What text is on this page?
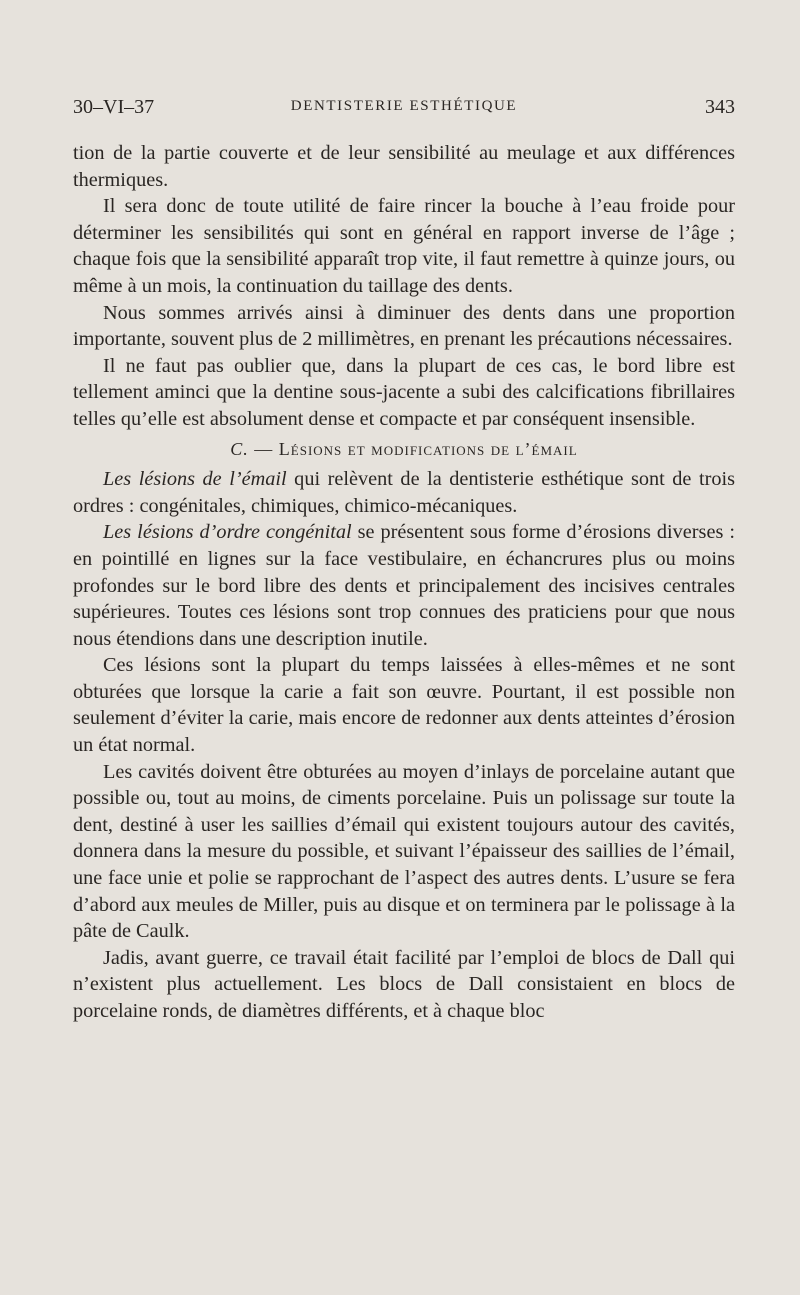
30–VI–37	DENTISTERIE ESTHÉTIQUE	343

tion de la partie couverte et de leur sensibilité au meulage et aux différences thermiques.

Il sera donc de toute utilité de faire rincer la bouche à l’eau froide pour déterminer les sensibilités qui sont en général en rapport inverse de l’âge ; chaque fois que la sensibilité apparaît trop vite, il faut remettre à quinze jours, ou même à un mois, la continuation du taillage des dents.

Nous sommes arrivés ainsi à diminuer des dents dans une proportion importante, souvent plus de 2 millimètres, en prenant les précautions nécessaires.

Il ne faut pas oublier que, dans la plupart de ces cas, le bord libre est tellement aminci que la dentine sous-jacente a subi des calcifications fibrillaires telles qu’elle est absolument dense et compacte et par conséquent insensible.

C. — Lésions et modifications de l’émail

Les lésions de l’émail qui relèvent de la dentisterie esthétique sont de trois ordres : congénitales, chimiques, chimico-mécaniques.

Les lésions d’ordre congénital se présentent sous forme d’érosions diverses : en pointillé en lignes sur la face vestibulaire, en échancrures plus ou moins profondes sur le bord libre des dents et principalement des incisives centrales supérieures. Toutes ces lésions sont trop connues des praticiens pour que nous nous étendions dans une description inutile.

Ces lésions sont la plupart du temps laissées à elles-mêmes et ne sont obturées que lorsque la carie a fait son œuvre. Pourtant, il est possible non seulement d’éviter la carie, mais encore de redonner aux dents atteintes d’érosion un état normal.

Les cavités doivent être obturées au moyen d’inlays de porcelaine autant que possible ou, tout au moins, de ciments porcelaine. Puis un polissage sur toute la dent, destiné à user les saillies d’émail qui existent toujours autour des cavités, donnera dans la mesure du possible, et suivant l’épaisseur des saillies de l’émail, une face unie et polie se rapprochant de l’aspect des autres dents. L’usure se fera d’abord aux meules de Miller, puis au disque et on terminera par le polissage à la pâte de Caulk.

Jadis, avant guerre, ce travail était facilité par l’emploi de blocs de Dall qui n’existent plus actuellement. Les blocs de Dall consistaient en blocs de porcelaine ronds, de diamètres différents, et à chaque bloc
